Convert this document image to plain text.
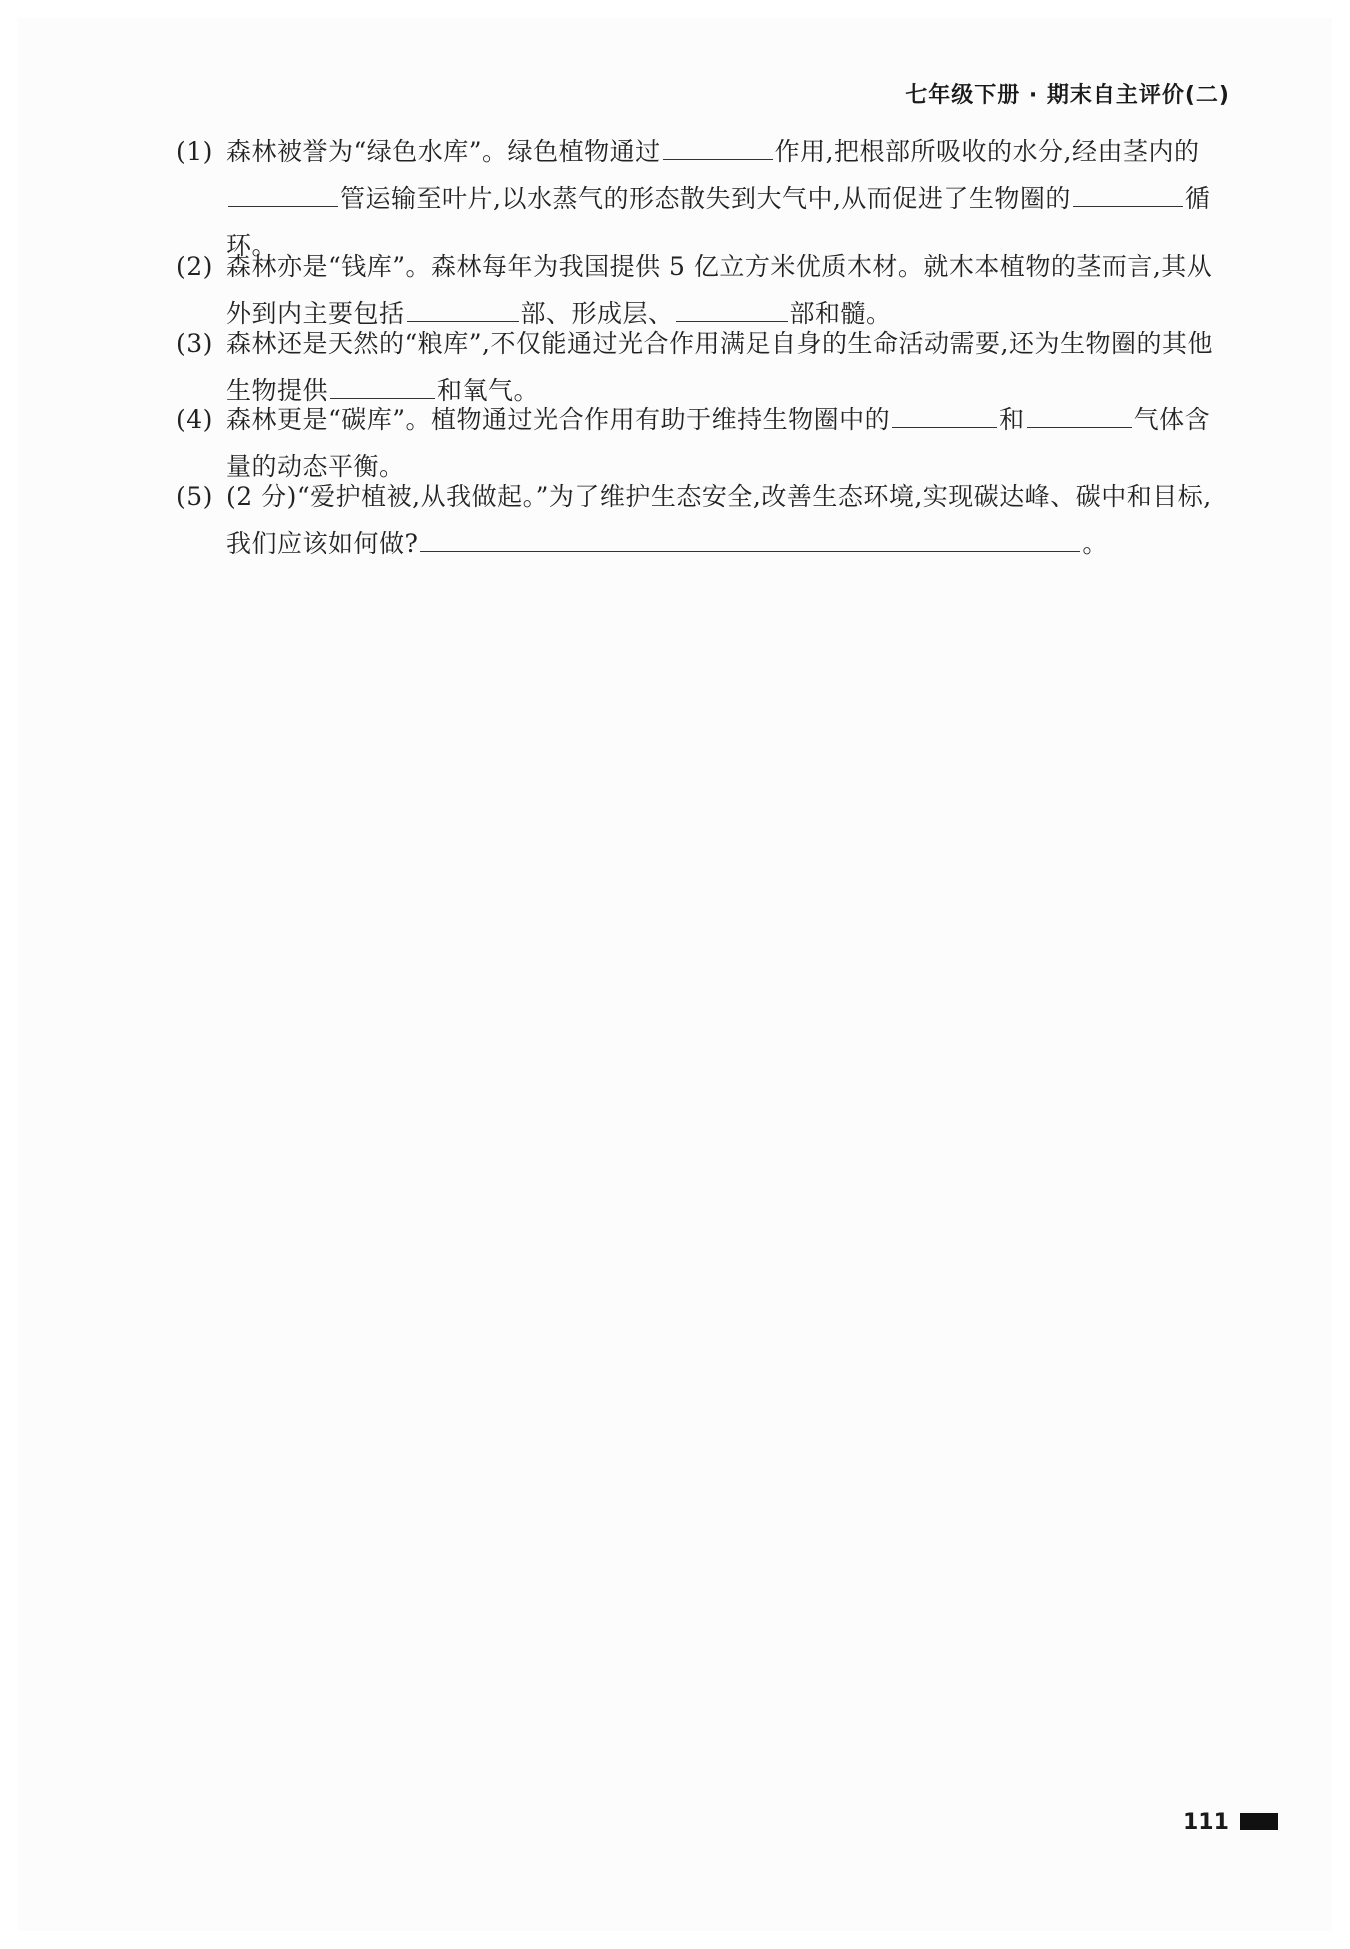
七年级下册 · 期末自主评价(二)
(1) 森林被誉为“绿色水库”。绿色植物通过	作用,把根部所吸收的水分,经由茎内的管运输至叶片,以水蒸气的形态散失到大气中,从而促进了生物圈的	循环。
(2) 森林亦是“钱库”。森林每年为我国提供 5 亿立方米优质木材。就木本植物的茎而言,其从外到内主要包括	部、形成层、	部和髓。
(3) 森林还是天然的“粮库”,不仅能通过光合作用满足自身的生命活动需要,还为生物圈的其他生物提供	和氧气。
(4) 森林更是“碳库”。植物通过光合作用有助于维持生物圈中的	和	气体含量的动态平衡。
(5) (2 分)“爱护植被,从我做起。”为了维护生态安全,改善生态环境,实现碳达峰、碳中和目标,我们应该如何做?	。
111
